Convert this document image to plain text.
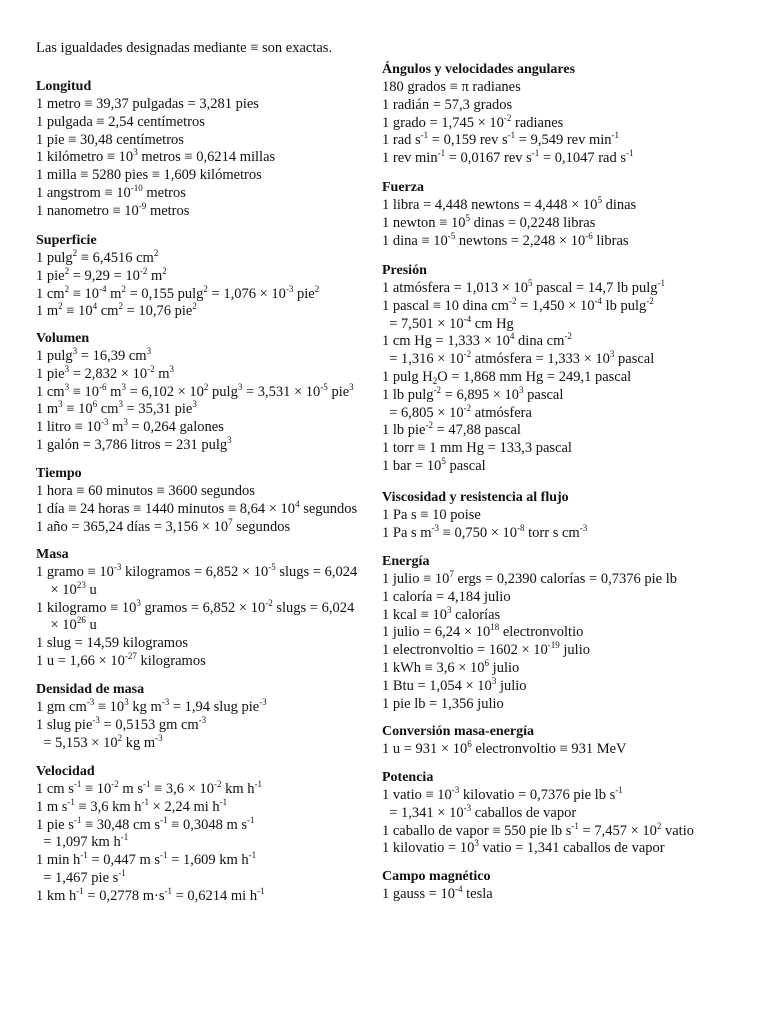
Las igualdades designadas mediante ≡ son exactas.
Longitud
1 metro ≡ 39,37 pulgadas = 3,281 pies
1 pulgada ≡ 2,54 centímetros
1 pie ≡ 30,48 centímetros
1 kilómetro ≡ $10^3$ metros ≡ 0,6214 millas
1 milla ≡ 5280 pies ≡ 1,609 kilómetros
1 angstrom ≡ $10^{-10}$ metros
1 nanometro ≡ $10^{-9}$ metros
Superficie
1 pulg$^2$ ≡ 6,4516 $cm^2$
1 $pie^2 = 9,29 = 10^{-2}$ $m^2$
1 $cm^2 \equiv 10^{-4}$ $m^2 = 0,155$ $pulg^2 = 1,076 \times 10^{-3}$ pie$^2$
1 $m^2 \equiv 10^4$ $cm^2 = 10,76$ pie$^2$
Volumen
1 pulg$^3$ = 16,39 $cm^3$
1 $pie^3 = 2,832 \times 10^{-2}$ $m^3$
1 $cm^3 \equiv 10^{-6}$ $m^3 = 6,102 \times 10^2$ $pulg^3 = 3,531 \times 10^{-5}$ pie$^3$
1 $m^3 \equiv 10^6$ $cm^3 = 35,31$ pie$^3$
1 litro ≡ $10^{-3}$ $m^3 = 0,264$ galones
1 galón = 3,786 litros = 231 pulg$^3$
Tiempo
1 hora ≡ 60 minutos ≡ 3600 segundos
1 día ≡ 24 horas ≡ 1440 minutos ≡ $8,64 \times 10^4$ segundos
1 año = 365,24 días = $3,156 \times 10^7$ segundos
Masa
1 gramo ≡ $10^{-3}$ kilogramos = $6,852 \times 10^{-5}$ slugs = 6,024
× $10^{23}$ u
1 kilogramo ≡ $10^3$ gramos = $6,852 \times 10^{-2}$ slugs = 6,024
× $10^{26}$ u
1 slug = 14,59 kilogramos
1 $u = 1,66 \times 10^{-27}$ kilogramos
Densidad de masa
1 gm $cm^{-3} \equiv 10^3$ kg $m^{-3} = 1,94$ slug pie$^{-3}$
1 slug pie$^{-3}$ = 0,5153 gm $cm^{-3}$
= $5,153 \times 10^2$ kg $m^{-3}$
Velocidad
1 cm $s^{-1} \equiv 10^{-2}$ m $s^{-1} \equiv 3,6 \times 10^{-2}$ km $h^{-1}$
1 m $s^{-1} \equiv 3,6$ km $h^{-1} \times 2,24$ mi $h^{-1}$
1 pie $s^{-1} \equiv 30,48$ cm $s^{-1} \equiv 0,3048$ m $s^{-1}$
= 1,097 km $h^{-1}$
1 $\min h^{-1} = 0,447$ m $s^{-1} = 1,609$ km $h^{-1}$
= 1,467 pie $s^{-1}$
1 km $h^{-1} = 0,2778$ $m\cdot s^{-1} = 0,6214$ mi $h^{-1}$
Ángulos y velocidades angulares
180 grados ≡ π radianes
1 radián = 57,3 grados
1 grado = $1,745 \times 10^{-2}$ radianes
1 rad $s^{-1} = 0,159$ rev $s^{-1} = 9,549$ rev $\min^{-1}$
1 rev $\min^{-1} = 0,0167$ rev $s^{-1} = 0,1047$ rad $s^{-1}$
Fuerza
1 libra = 4,448 newtons = $4,448 \times 10^5$ dinas
1 newton ≡ $10^5$ dinas = 0,2248 libras
1 dina ≡ $10^{-5}$ newtons = $2,248 \times 10^{-6}$ libras
Presión
1 atmósfera = $1,013 \times 10^5$ pascal = 14,7 lb pulg$^{-1}$
1 pascal ≡ 10 dina $cm^{-2} = 1,450 \times 10^{-4}$ lb pulg$^{-2}$
= $7,501 \times 10^{-4}$ cm Hg
1 cm $Hg = 1,333 \times 10^4$ dina $cm^{-2}$
= $1,316 \times 10^{-2}$ atmósfera = $1,333 \times 10^3$ pascal
1 pulg $H_2O = 1,868$ mm Hg = 249,1 pascal
1 lb $pulg^{-2} = 6,895 \times 10^3$ pascal
= $6,805 \times 10^{-2}$ atmósfera
1 lb pie$^{-2}$ = 47,88 pascal
1 torr ≡ 1 mm Hg = 133,3 pascal
1 bar = $10^5$ pascal
Viscosidad y resistencia al flujo
1 Pa s ≡ 10 poise
1 Pa s $m^{-3} \equiv 0,750 \times 10^{-8}$ torr s $cm^{-3}$
Energía
1 julio ≡ $10^7$ ergs = 0,2390 calorías = 0,7376 pie lb
1 caloría = 4,184 julio
1 kcal ≡ $10^3$ calorías
1 julio = $6,24 \times 10^{18}$ electronvoltio
1 electronvoltio = $1602 \times 10^{-19}$ julio
1 kWh ≡ $3,6 \times 10^6$ julio
1 Btu = $1,054 \times 10^3$ julio
1 pie lb = 1,356 julio
Conversión masa-energía
1 $u = 931 \times 10^6$ electronvoltio ≡ 931 MeV
Potencia
1 vatio ≡ $10^{-3}$ kilovatio = 0,7376 pie lb $s^{-1}$
= $1,341 \times 10^{-3}$ caballos de vapor
1 caballo de vapor ≡ 550 pie lb $s^{-1} = 7,457 \times 10^2$ vatio
1 kilovatio = $10^3$ vatio = 1,341 caballos de vapor
Campo magnético
1 gauss = $10^{-4}$ tesla
